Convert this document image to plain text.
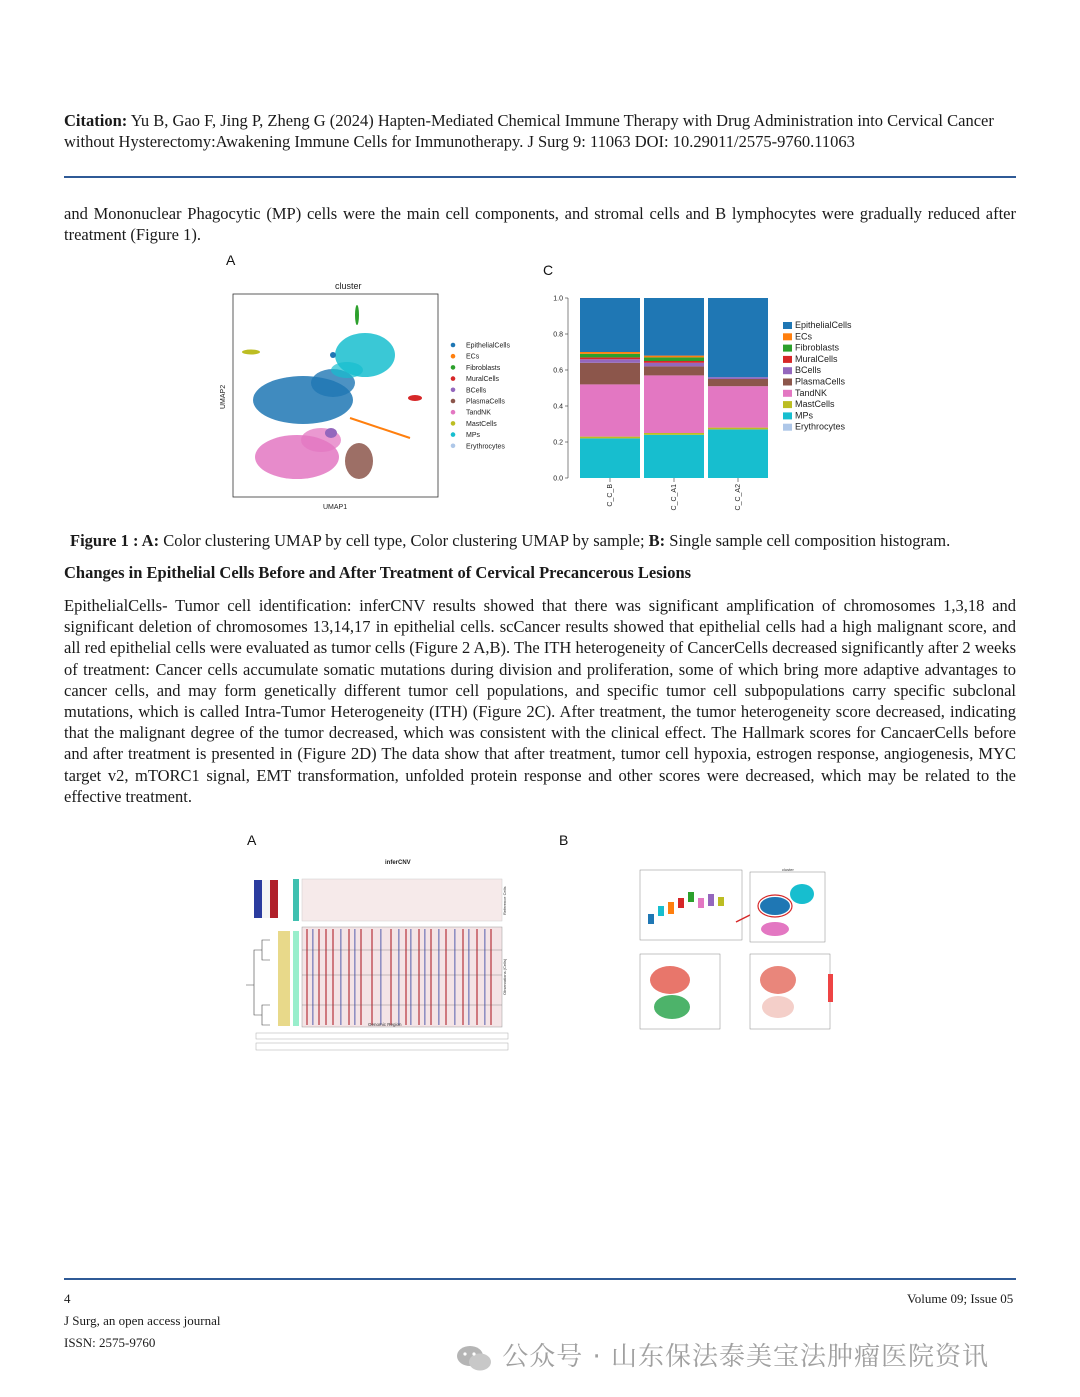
Citation: Yu B, Gao F, Jing P, Zheng G (2024) Hapten-Mediated Chemical Immune Therapy with Drug Administration into Cervical Cancer without Hysterectomy:Awakening Immune Cells for Immunotherapy. J Surg 9: 11063 DOI: 10.29011/2575-9760.11063
and Mononuclear Phagocytic (MP) cells were the main cell components, and stromal cells and B lymphocytes were gradually reduced after treatment (Figure 1).
A
C
cluster
UMAP1
UMAP2
EpithelialCells
ECs
Fibroblasts
MuralCells
BCells
PlasmaCells
TandNK
MastCells
MPs
Erythrocytes
0.0
0.2
0.4
0.6
0.8
1.0
C_C_B	C_C_A1	C_C_A2
EpithelialCells
ECs
Fibroblasts
MuralCells
BCells
PlasmaCells
TandNK
MastCells
MPs
Erythrocytes
Figure 1 : A: Color clustering UMAP by cell type, Color clustering UMAP by sample; B: Single sample cell composition histogram.
Changes in Epithelial Cells Before and After Treatment of Cervical Precancerous Lesions
EpithelialCells- Tumor cell identification: inferCNV results showed that there was significant amplification of chromosomes 1,3,18 and significant deletion of chromosomes 13,14,17 in epithelial cells. scCancer results showed that epithelial cells had a high malignant score, and all red epithelial cells were evaluated as tumor cells (Figure 2 A,B). The ITH heterogeneity of CancerCells decreased significantly after 2 weeks of treatment: Cancer cells accumulate somatic mutations during division and proliferation, some of which bring more adaptive advantages to cancer cells, and may form genetically different tumor cell populations, and specific tumor cell subpopulations carry specific subclonal mutations, which is called Intra-Tumor Heterogeneity (ITH) (Figure 2C). After treatment, the tumor heterogeneity score decreased, indicating that the malignant degree of the tumor decreased, which was consistent with the clinical effect. The Hallmark scores for CancaerCells before and after treatment is presented in (Figure 2D) The data show that after treatment, tumor cell hypoxia, estrogen response, angiogenesis, MYC target v2, mTORC1 signal, EMT transformation, unfolded protein response and other scores were decreased, which may be related to the effective treatment.
A	B
inferCNV
Reference Cells
Observations (Cells)
Genomic Region
cluster
4
J Surg, an open access journal
ISSN: 2575-9760
Volume 09; Issue 05
公众号 · 山东保法泰美宝法肿瘤医院资讯
